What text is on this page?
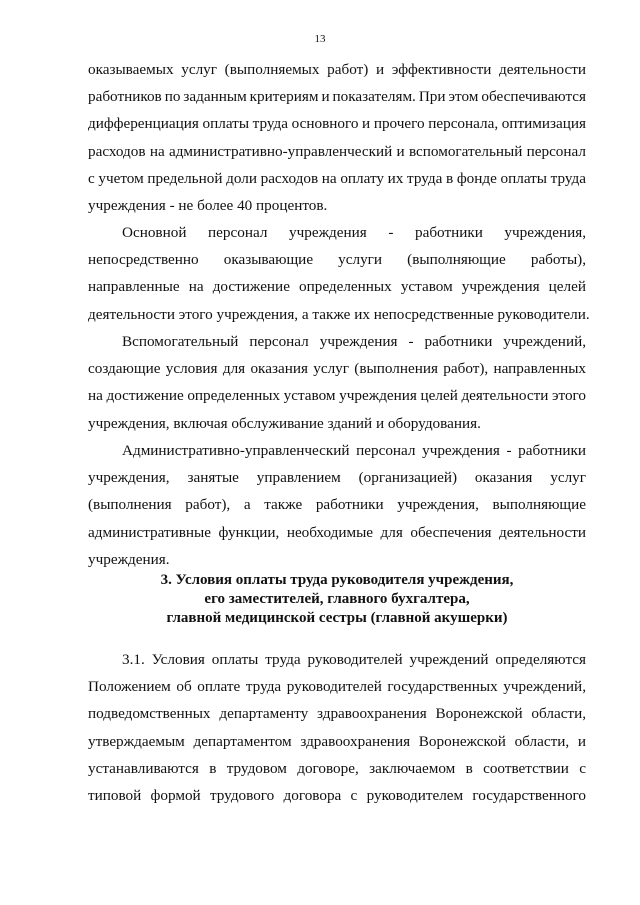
13
оказываемых услуг (выполняемых работ) и эффективности деятельности
работников по заданным критериям и показателям. При этом обеспечиваются
дифференциация оплаты труда основного и прочего персонала, оптимизация
расходов на административно-управленческий и вспомогательный персонал
с учетом предельной доли расходов на оплату их труда в фонде оплаты труда
учреждения - не более 40 процентов.
Основной персонал учреждения - работники учреждения,
непосредственно оказывающие услуги (выполняющие работы),
направленные на достижение определенных уставом учреждения целей
деятельности этого учреждения, а также их непосредственные руководители.
Вспомогательный персонал учреждения - работники учреждений,
создающие условия для оказания услуг (выполнения работ), направленных
на достижение определенных уставом учреждения целей деятельности этого
учреждения, включая обслуживание зданий и оборудования.
Административно-управленческий персонал учреждения - работники
учреждения, занятые управлением (организацией) оказания услуг
(выполнения работ), а также работники учреждения, выполняющие
административные функции, необходимые для обеспечения деятельности
учреждения.
3. Условия оплаты труда руководителя учреждения,
его заместителей, главного бухгалтера,
главной медицинской сестры (главной акушерки)
3.1. Условия оплаты труда руководителей учреждений определяются
Положением об оплате труда руководителей государственных учреждений,
подведомственных департаменту здравоохранения Воронежской области,
утверждаемым департаментом здравоохранения Воронежской области, и
устанавливаются в трудовом договоре, заключаемом в соответствии с
типовой формой трудового договора с руководителем государственного
